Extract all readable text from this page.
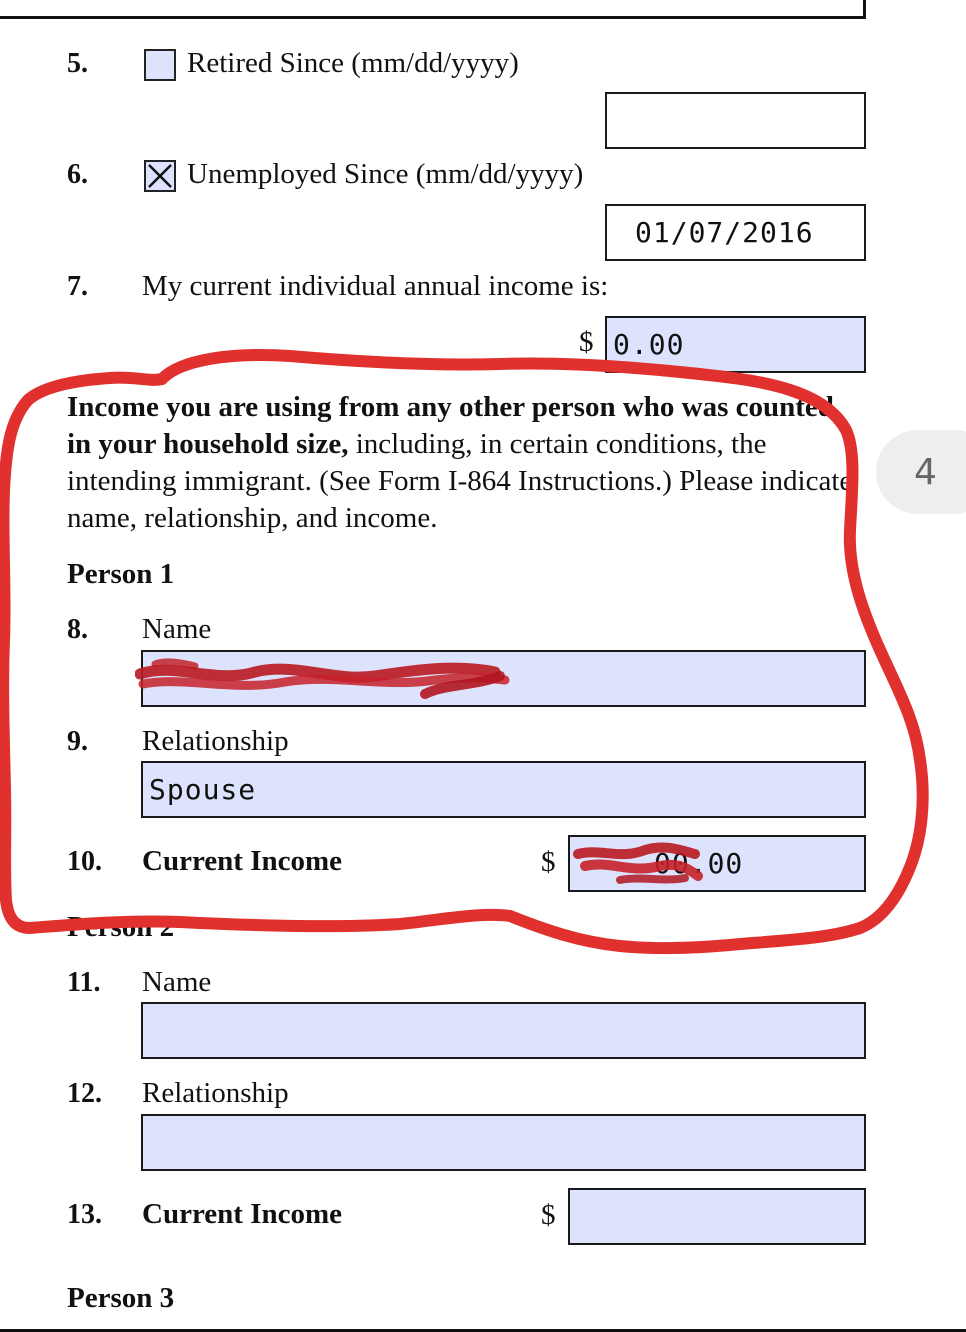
5.	Retired Since (mm/dd/yyyy)
6.	Unemployed Since (mm/dd/yyyy)
01/07/2016
7. My current individual annual income is:
$ 0.00
Income you are using from any other person who was counted in your household size, including, in certain conditions, the intending immigrant. (See Form I-864 Instructions.) Please indicate name, relationship, and income.
Person 1
8. Name
9. Relationship
Spouse
10. Current Income	$	00.00
Person 2
11. Name
12. Relationship
13. Current Income	$
Person 3
4
